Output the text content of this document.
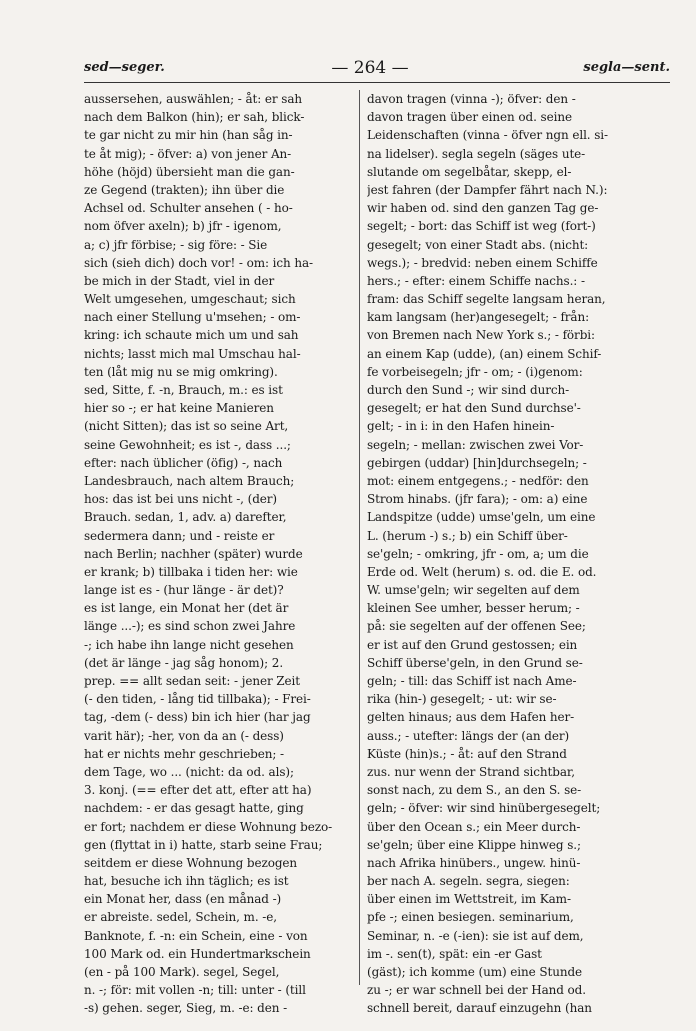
sed—seger.	— 264 —	segla—sent.
aussersehen, auswählen; - åt: er sah
nach dem Balkon (hin); er sah, blick-
te gar nicht zu mir hin (han såg in-
te åt mig); - öfver: a) von jener An-
höhe (höjd) übersieht man die gan-
ze Gegend (trakten); ihn über die
Achsel od. Schulter ansehen ( - ho-
nom öfver axeln); b) jfr - igenom,
a; c) jfr förbise; - sig före: - Sie
sich (sieh dich) doch vor! - om: ich ha-
be mich in der Stadt, viel in der
Welt umgesehen, umgeschaut; sich
nach einer Stellung u'msehen; - om-
kring: ich schaute mich um und sah
nichts; lasst mich mal Umschau hal-
ten (låt mig nu se mig omkring).
sed, Sitte, f. -n, Brauch, m.: es ist
hier so -; er hat keine Manieren
(nicht Sitten); das ist so seine Art,
seine Gewohnheit; es ist -, dass ...;
efter: nach üblicher (öfig) -, nach
Landesbrauch, nach altem Brauch;
hos: das ist bei uns nicht -, (der)
Brauch. sedan, 1, adv. a) darefter,
sedermera dann; und - reiste er
nach Berlin; nachher (später) wurde
er krank; b) tillbaka i tiden her: wie
lange ist es - (hur länge - är det)?
es ist lange, ein Monat her (det är
länge ...-); es sind schon zwei Jahre
-; ich habe ihn lange nicht gesehen
(det är länge - jag såg honom); 2.
prep. == allt sedan seit: - jener Zeit
(- den tiden, - lång tid tillbaka); - Frei-
tag, -dem (- dess) bin ich hier (har jag
varit här); -her, von da an (- dess)
hat er nichts mehr geschrieben; -
dem Tage, wo ... (nicht: da od. als);
3. konj. (== efter det att, efter att ha)
nachdem: - er das gesagt hatte, ging
er fort; nachdem er diese Wohnung bezo-
gen (flyttat in i) hatte, starb seine Frau;
seitdem er diese Wohnung bezogen
hat, besuche ich ihn täglich; es ist
ein Monat her, dass (en månad -)
er abreiste. sedel, Schein, m. -e,
Banknote, f. -n: ein Schein, eine - von
100 Mark od. ein Hundertmarkschein
(en - på 100 Mark). segel, Segel,
n. -; för: mit vollen -n; till: unter - (till
-s) gehen. seger, Sieg, m. -e: den -
davon tragen (vinna -); öfver: den -
davon tragen über einen od. seine
Leidenschaften (vinna - öfver ngn ell. si-
na lidelser). segla segeln (säges ute-
slutande om segelbåtar, skepp, el-
jest fahren (der Dampfer fährt nach N.):
wir haben od. sind den ganzen Tag ge-
segelt; - bort: das Schiff ist weg (fort-)
gesegelt; von einer Stadt abs. (nicht:
wegs.); - bredvid: neben einem Schiffe
hers.; - efter: einem Schiffe nachs.: -
fram: das Schiff segelte langsam heran,
kam langsam (her)angesegelt; - från:
von Bremen nach New York s.; - förbi:
an einem Kap (udde), (an) einem Schif-
fe vorbeisegeln; jfr - om; - (i)genom:
durch den Sund -; wir sind durch-
gesegelt; er hat den Sund durchse'-
gelt; - in i: in den Hafen hinein-
segeln; - mellan: zwischen zwei Vor-
gebirgen (uddar) [hin]durchsegeln; -
mot: einem entgegens.; - nedför: den
Strom hinabs. (jfr fara); - om: a) eine
Landspitze (udde) umse'geln, um eine
L. (herum -) s.; b) ein Schiff über-
se'geln; - omkring, jfr - om, a; um die
Erde od. Welt (herum) s. od. die E. od.
W. umse'geln; wir segelten auf dem
kleinen See umher, besser herum; -
på: sie segelten auf der offenen See;
er ist auf den Grund gestossen; ein
Schiff überse'geln, in den Grund se-
geln; - till: das Schiff ist nach Ame-
rika (hin-) gesegelt; - ut: wir se-
gelten hinaus; aus dem Hafen her-
auss.; - utefter: längs der (an der)
Küste (hin)s.; - åt: auf den Strand
zus. nur wenn der Strand sichtbar,
sonst nach, zu dem S., an den S. se-
geln; - öfver: wir sind hinübergesegelt;
über den Ocean s.; ein Meer durch-
se'geln; über eine Klippe hinweg s.;
nach Afrika hinübers., ungew. hinü-
ber nach A. segeln. segra, siegen:
über einen im Wettstreit, im Kam-
pfe -; einen besiegen. seminarium,
Seminar, n. -e (-ien): sie ist auf dem,
im -. sen(t), spät: ein -er Gast
(gäst); ich komme (um) eine Stunde
zu -; er war schnell bei der Hand od.
schnell bereit, darauf einzugehn (han
